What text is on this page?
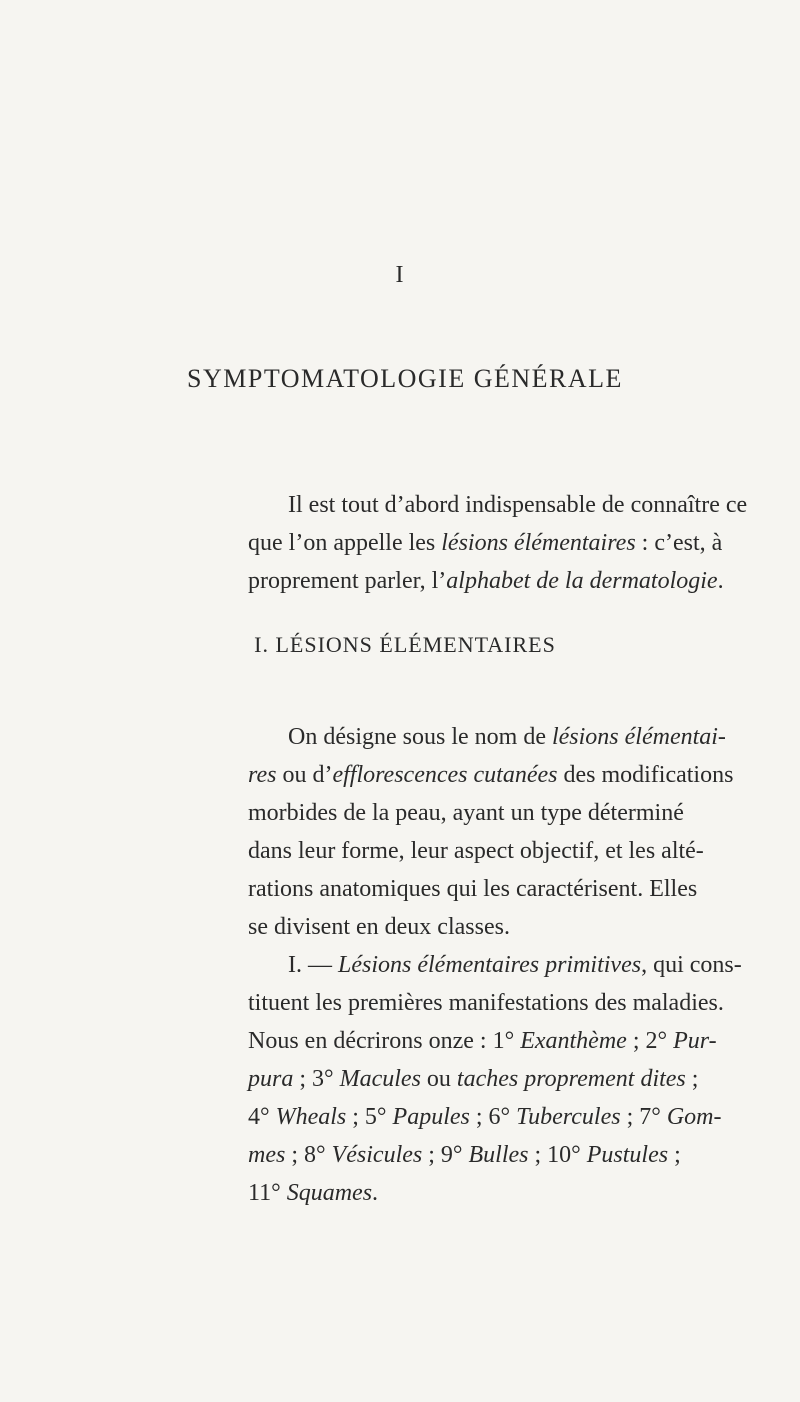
I
SYMPTOMATOLOGIE GÉNÉRALE
Il est tout d’abord indispensable de connaître ce
que l’on appelle les lésions élémentaires : c’est, à
proprement parler, l’alphabet de la dermatologie.
I. LÉSIONS ÉLÉMENTAIRES
On désigne sous le nom de lésions élémentai-
res ou d’efflorescences cutanées des modifications
morbides de la peau, ayant un type déterminé
dans leur forme, leur aspect objectif, et les alté-
rations anatomiques qui les caractérisent. Elles
se divisent en deux classes.
I. — Lésions élémentaires primitives, qui cons-
tituent les premières manifestations des maladies.
Nous en décrirons onze : 1° Exanthème ; 2° Pur-
pura ; 3° Macules ou taches proprement dites ;
4° Wheals ; 5° Papules ; 6° Tubercules ; 7° Gom-
mes ; 8° Vésicules ; 9° Bulles ; 10° Pustules ;
11° Squames.
